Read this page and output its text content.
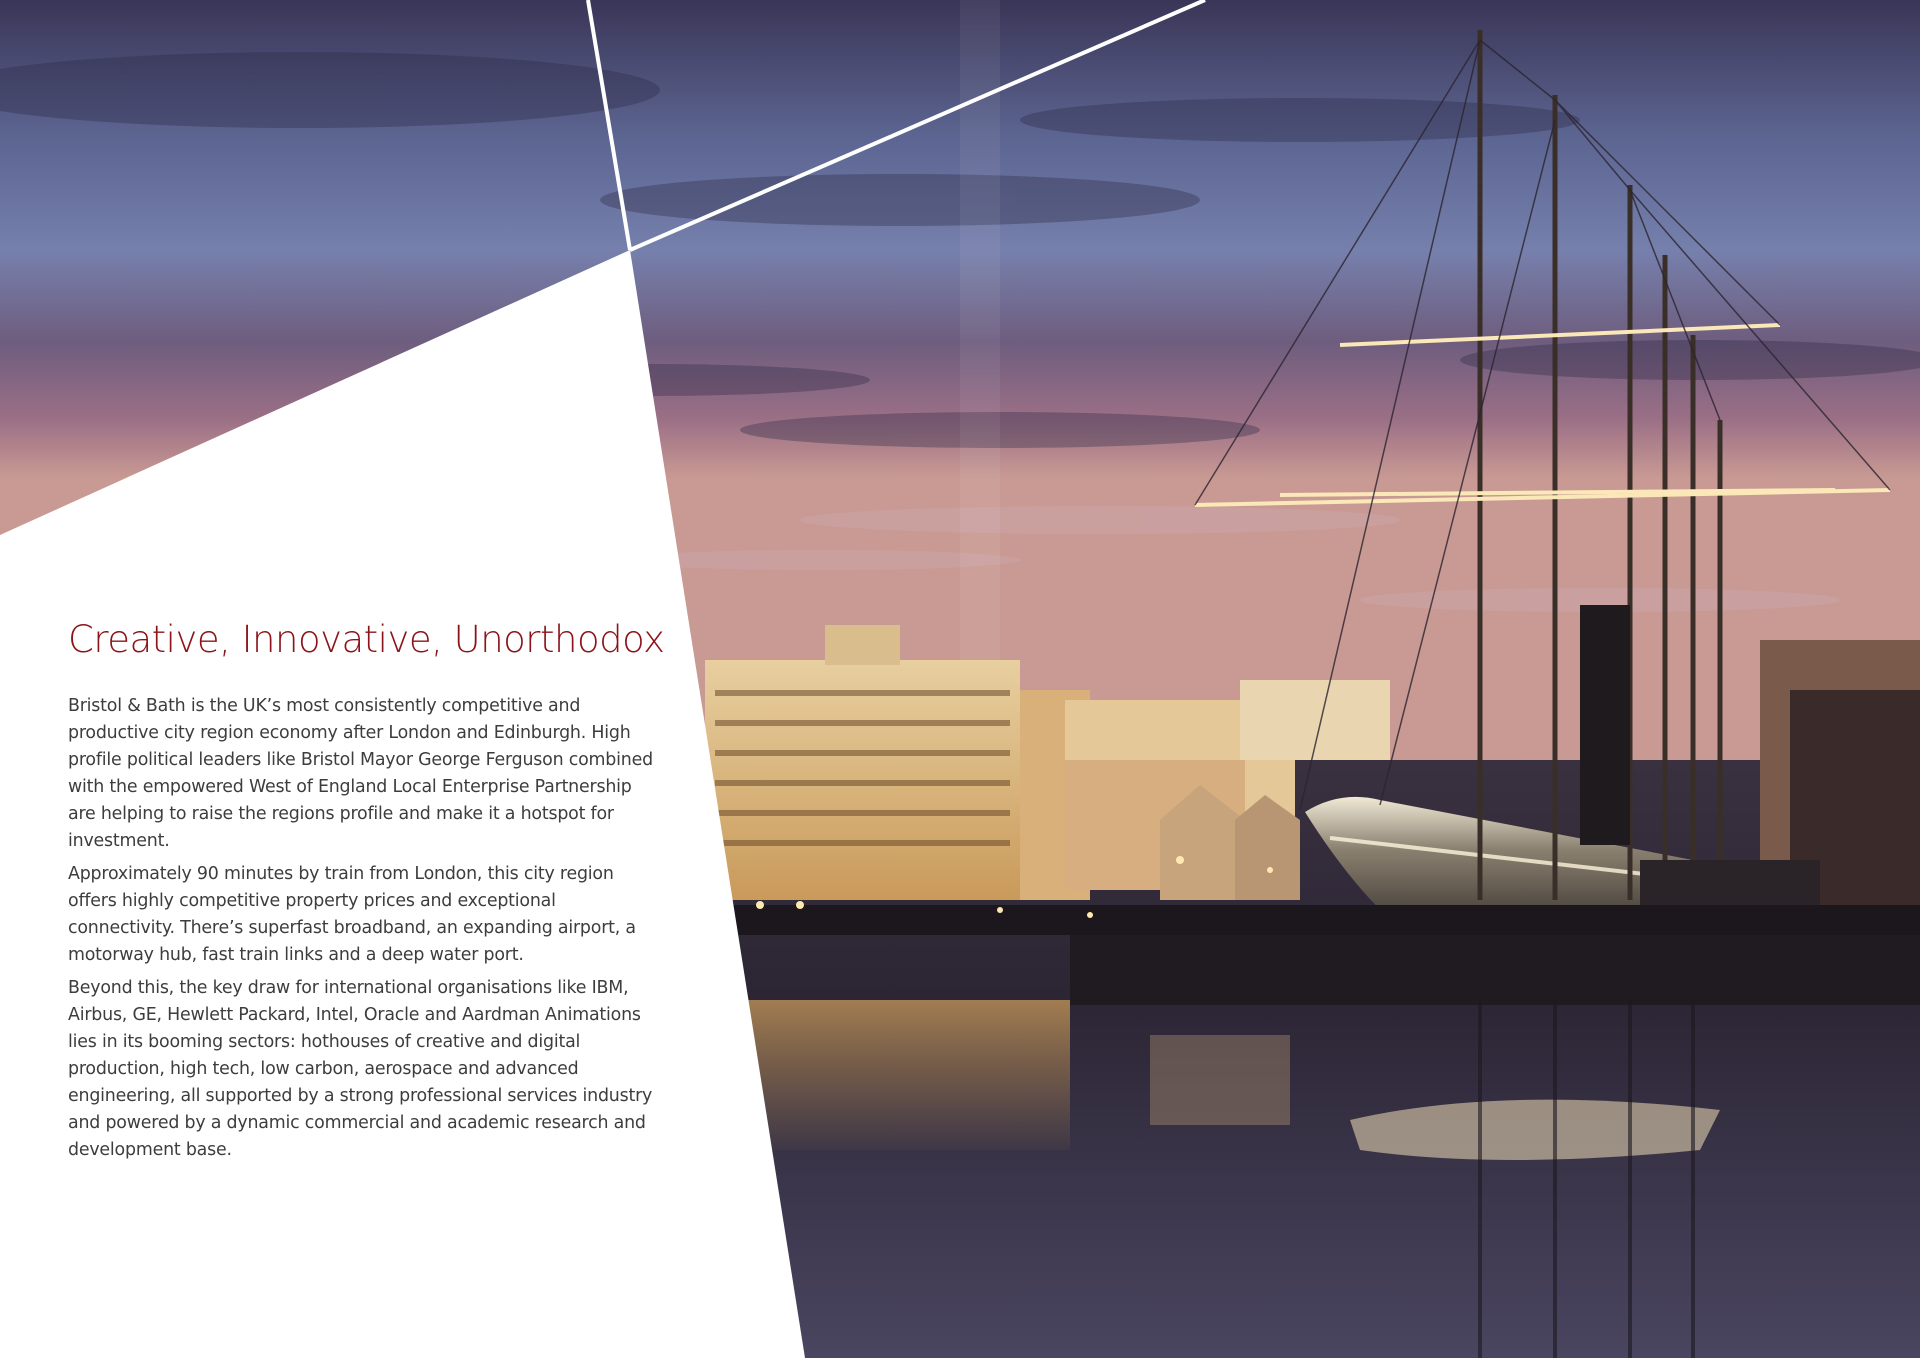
Creative, Innovative, Unorthodox

Bristol & Bath is the UK’s most consistently competitive and productive city region economy after London and Edinburgh. High profile political leaders like Bristol Mayor George Ferguson combined with the empowered West of England Local Enterprise Partnership are helping to raise the regions profile and make it a hotspot for investment.

Approximately 90 minutes by train from London, this city region offers highly competitive property prices and exceptional connectivity. There’s superfast broadband, an expanding airport, a motorway hub, fast train links and a deep water port.

Beyond this, the key draw for international organisations like IBM, Airbus, GE, Hewlett Packard, Intel, Oracle and Aardman Animations lies in its booming sectors: hothouses of creative and digital production, high tech, low carbon, aerospace and advanced engineering, all supported by a strong professional services industry and powered by a dynamic commercial and academic research and development base.
